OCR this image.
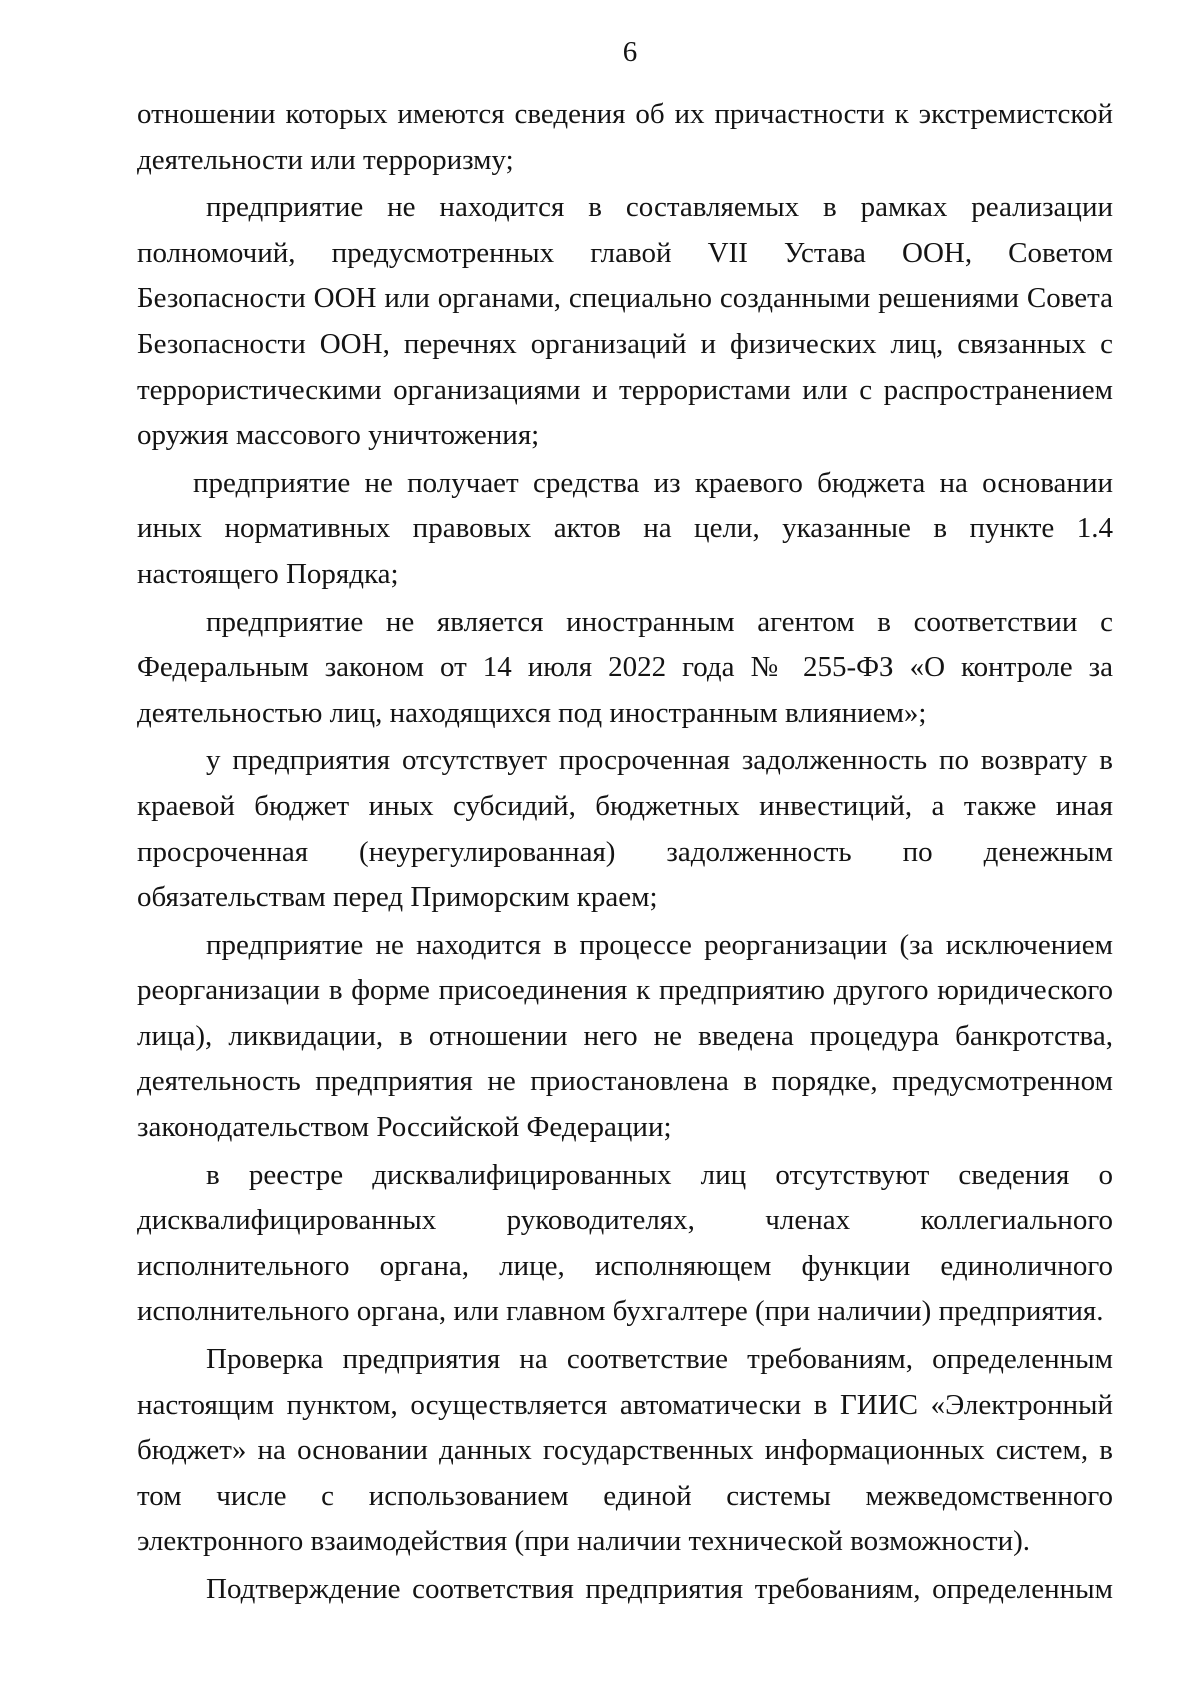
6

отношении которых имеются сведения об их причастности к экстремистской деятельности или терроризму;

предприятие не находится в составляемых в рамках реализации полномочий, предусмотренных главой VII Устава ООН, Советом Безопасности ООН или органами, специально созданными решениями Совета Безопасности ООН, перечнях организаций и физических лиц, связанных с террористическими организациями и террористами или с распространением оружия массового уничтожения;

предприятие не получает средства из краевого бюджета на основании иных нормативных правовых актов на цели, указанные в пункте 1.4 настоящего Порядка;

предприятие не является иностранным агентом в соответствии с Федеральным законом от 14 июля 2022 года № 255-ФЗ «О контроле за деятельностью лиц, находящихся под иностранным влиянием»;

у предприятия отсутствует просроченная задолженность по возврату в краевой бюджет иных субсидий, бюджетных инвестиций, а также иная просроченная (неурегулированная) задолженность по денежным обязательствам перед Приморским краем;

предприятие не находится в процессе реорганизации (за исключением реорганизации в форме присоединения к предприятию другого юридического лица), ликвидации, в отношении него не введена процедура банкротства, деятельность предприятия не приостановлена в порядке, предусмотренном законодательством Российской Федерации;

в реестре дисквалифицированных лиц отсутствуют сведения о дисквалифицированных руководителях, членах коллегиального исполнительного органа, лице, исполняющем функции единоличного исполнительного органа, или главном бухгалтере (при наличии) предприятия.

Проверка предприятия на соответствие требованиям, определенным настоящим пунктом, осуществляется автоматически в ГИИС «Электронный бюджет» на основании данных государственных информационных систем, в том числе с использованием единой системы межведомственного электронного взаимодействия (при наличии технической возможности).

Подтверждение соответствия предприятия требованиям, определенным
